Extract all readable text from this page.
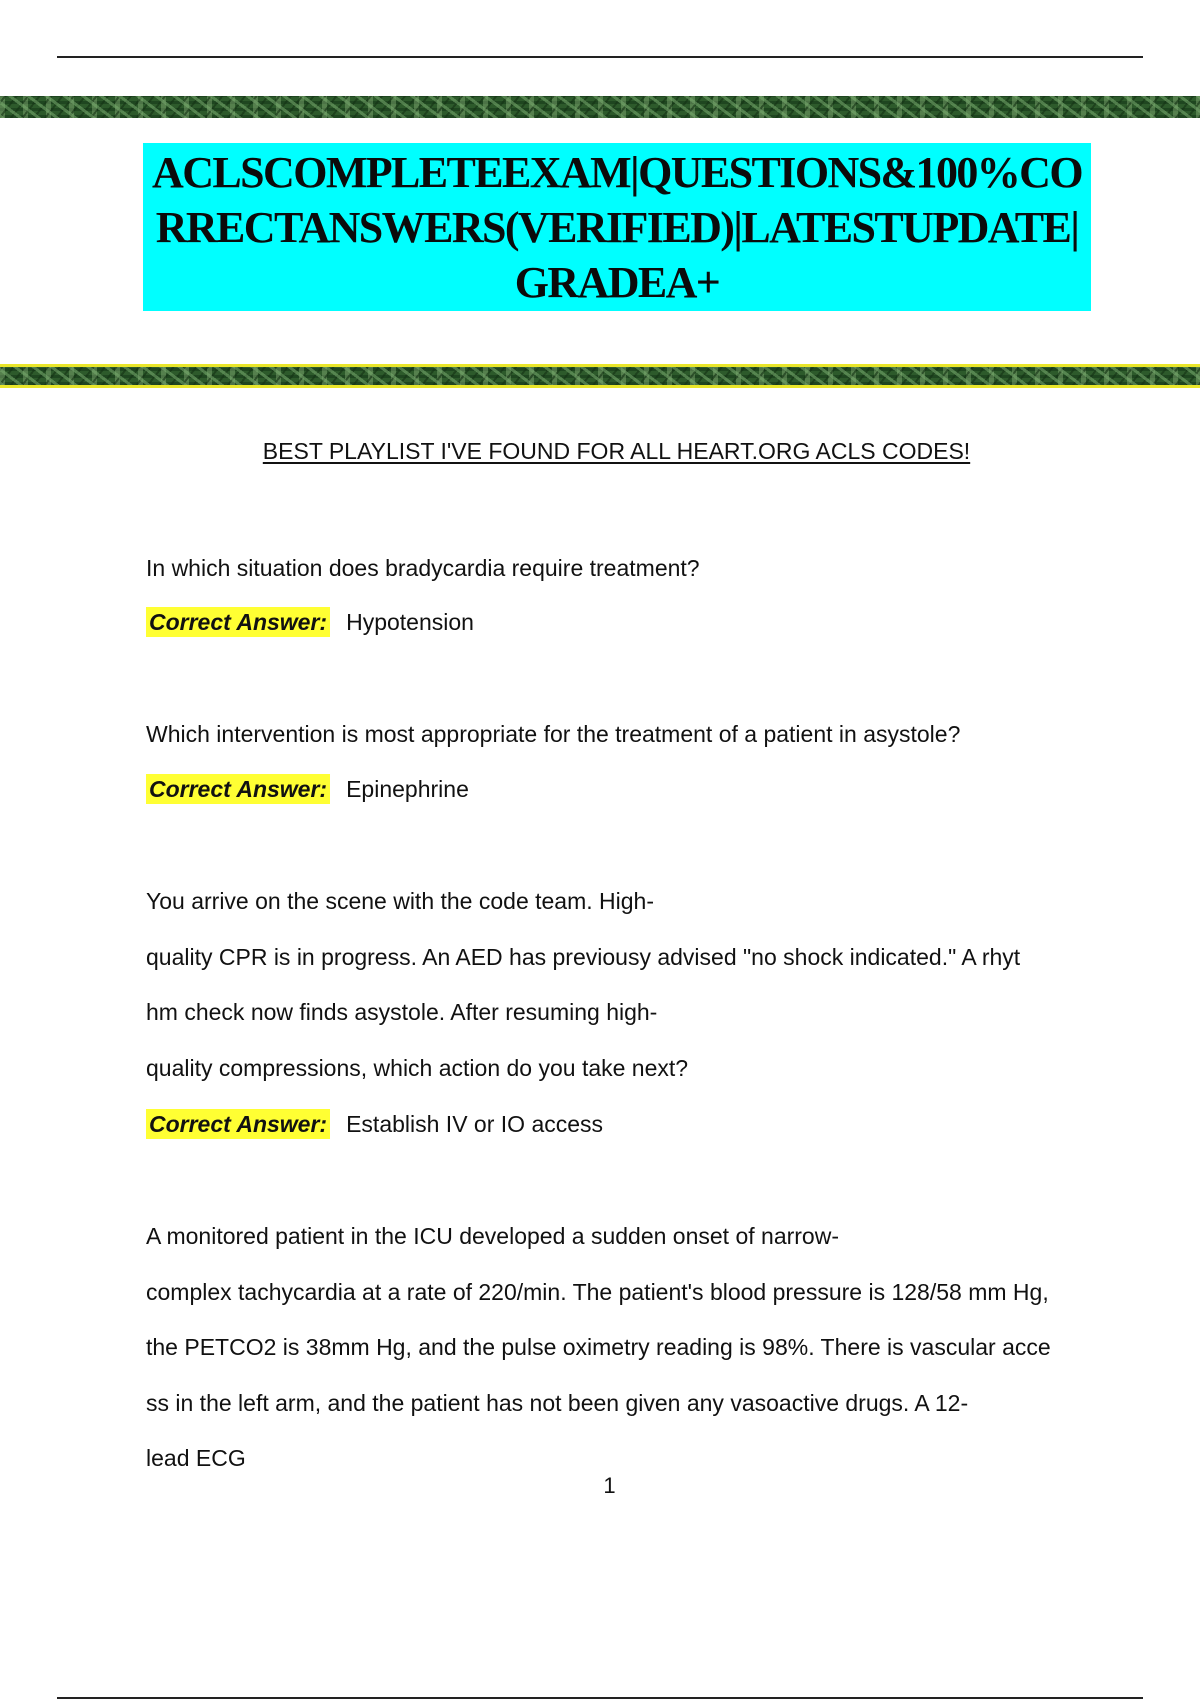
ACLSCOMPLETEEXAM|QUESTIONS&100%CORRECTANSWERS(VERIFIED)|LATESTUPDATE|GRADEA+
BEST PLAYLIST I'VE FOUND FOR ALL HEART.ORG ACLS CODES!
In which situation does bradycardia require treatment?
Correct Answer: Hypotension
Which intervention is most appropriate for the treatment of a patient in asystole?
Correct Answer: Epinephrine
You arrive on the scene with the code team. High-
quality CPR is in progress. An AED has previousy advised "no shock indicated." A rhyt
hm check now finds asystole. After resuming high-
quality compressions, which action do you take next?
Correct Answer: Establish IV or IO access
A monitored patient in the ICU developed a sudden onset of narrow-
complex tachycardia at a rate of 220/min. The patient's blood pressure is 128/58 mm Hg,
the PETCO2 is 38mm Hg, and the pulse oximetry reading is 98%. There is vascular acce
ss in the left arm, and the patient has not been given any vasoactive drugs. A 12-
lead ECG
1
